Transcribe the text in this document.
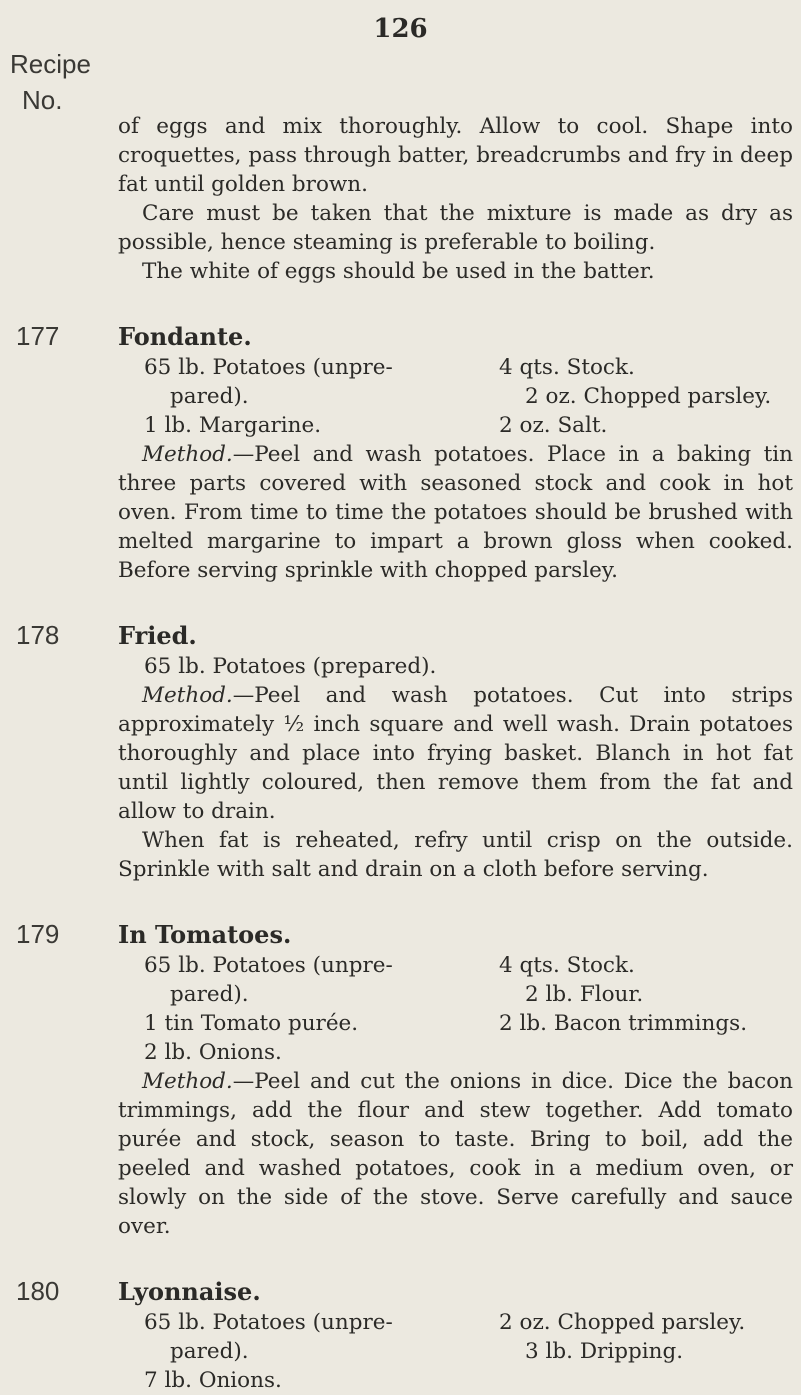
126
Recipe
No.

of eggs and mix thoroughly. Allow to cool. Shape into croquettes, pass through batter, breadcrumbs and fry in deep fat until golden brown.

Care must be taken that the mixture is made as dry as possible, hence steaming is preferable to boiling.

The white of eggs should be used in the batter.

177 Fondante.
65 lb. Potatoes (unpre-	4 qts. Stock.
pared).	2 oz. Chopped parsley.
1 lb. Margarine.	2 oz. Salt.

Method.—Peel and wash potatoes. Place in a baking tin three parts covered with seasoned stock and cook in hot oven. From time to time the potatoes should be brushed with melted margarine to impart a brown gloss when cooked. Before serving sprinkle with chopped parsley.

178 Fried.
65 lb. Potatoes (prepared).

Method.—Peel and wash potatoes. Cut into strips approximately ½ inch square and well wash. Drain potatoes thoroughly and place into frying basket. Blanch in hot fat until lightly coloured, then remove them from the fat and allow to drain.

When fat is reheated, refry until crisp on the outside. Sprinkle with salt and drain on a cloth before serving.

179 In Tomatoes.
65 lb. Potatoes (unpre-	4 qts. Stock.
pared).	2 lb. Flour.
1 tin Tomato purée.	2 lb. Bacon trimmings.
2 lb. Onions.

Method.—Peel and cut the onions in dice. Dice the bacon trimmings, add the flour and stew together. Add tomato purée and stock, season to taste. Bring to boil, add the peeled and washed potatoes, cook in a medium oven, or slowly on the side of the stove. Serve carefully and sauce over.

180 Lyonnaise.
65 lb. Potatoes (unpre-	2 oz. Chopped parsley.
pared).	3 lb. Dripping.
7 lb. Onions.
